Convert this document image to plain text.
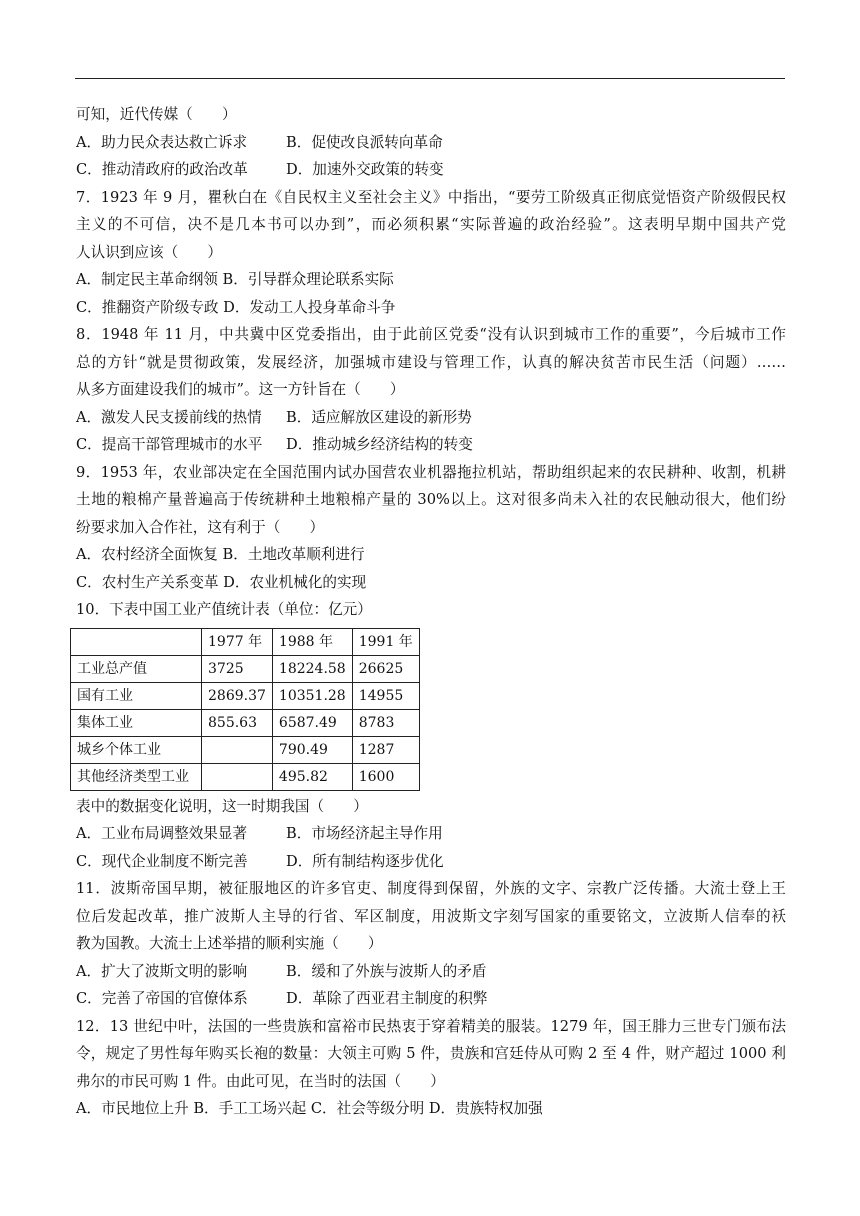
可知，近代传媒（　　）
A．助力民众表达救亡诉求	B．促使改良派转向革命
C．推动清政府的政治改革	D．加速外交政策的转变
7．1923 年 9 月，瞿秋白在《自民权主义至社会主义》中指出，“要劳工阶级真正彻底觉悟资产阶级假民权
主义的不可信，决不是几本书可以办到”，而必须积累“实际普遍的政治经验”。这表明早期中国共产党
人认识到应该（　　）
A．制定民主革命纲领 B．引导群众理论联系实际
C．推翻资产阶级专政 D．发动工人投身革命斗争
8．1948 年 11 月，中共冀中区党委指出，由于此前区党委“没有认识到城市工作的重要”，今后城市工作
总的方针“就是贯彻政策，发展经济，加强城市建设与管理工作，认真的解决贫苦市民生活（问题）……
从多方面建设我们的城市”。这一方针旨在（　　）
A．激发人民支援前线的热情 B．适应解放区建设的新形势
C．提高干部管理城市的水平 D．推动城乡经济结构的转变
9．1953 年，农业部决定在全国范围内试办国营农业机器拖拉机站，帮助组织起来的农民耕种、收割，机耕
土地的粮棉产量普遍高于传统耕种土地粮棉产量的 30%以上。这对很多尚未入社的农民触动很大，他们纷
纷要求加入合作社，这有利于（　　）
A．农村经济全面恢复 B．土地改革顺利进行
C．农村生产关系变革 D．农业机械化的实现
10．下表中国工业产值统计表（单位：亿元）
	1977 年	1988 年	1991 年
工业总产值	3725	18224.58	26625
国有工业	2869.37	10351.28	14955
集体工业	855.63	6587.49	8783
城乡个体工业		790.49	1287
其他经济类型工业		495.82	1600
表中的数据变化说明，这一时期我国（　　）
A．工业布局调整效果显著	B．市场经济起主导作用
C．现代企业制度不断完善	D．所有制结构逐步优化
11．波斯帝国早期，被征服地区的许多官吏、制度得到保留，外族的文字、宗教广泛传播。大流士登上王
位后发起改革，推广波斯人主导的行省、军区制度，用波斯文字刻写国家的重要铭文，立波斯人信奉的袄
教为国教。大流士上述举措的顺利实施（　　）
A．扩大了波斯文明的影响	B．缓和了外族与波斯人的矛盾
C．完善了帝国的官僚体系	D．革除了西亚君主制度的积弊
12．13 世纪中叶，法国的一些贵族和富裕市民热衷于穿着精美的服装。1279 年，国王腓力三世专门颁布法
令，规定了男性每年购买长袍的数量：大领主可购 5 件，贵族和宫廷侍从可购 2 至 4 件，财产超过 1000 利
弗尔的市民可购 1 件。由此可见，在当时的法国（　　）
A．市民地位上升 B．手工工场兴起 C．社会等级分明 D．贵族特权加强
